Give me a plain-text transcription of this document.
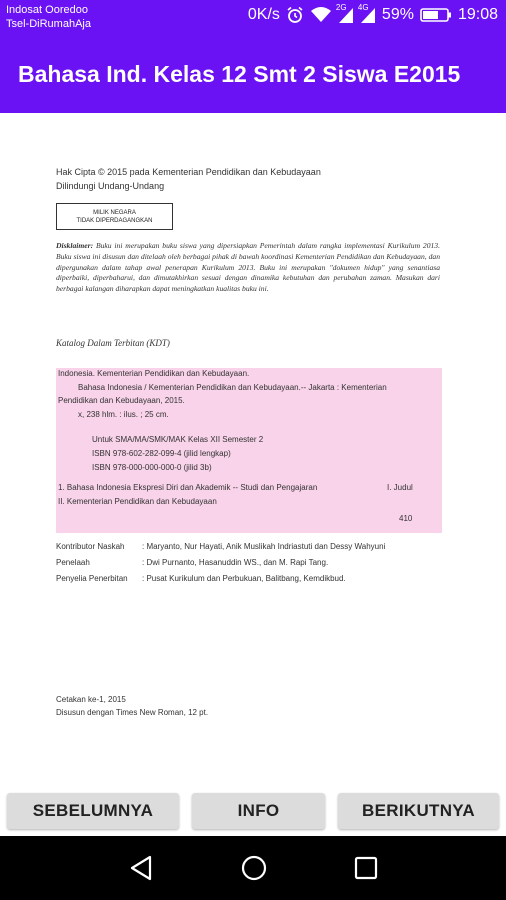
Indosat Ooredoo
Tsel-DiRumahAja
0K/s	2G 4G 59%	19:08
Bahasa Ind. Kelas 12 Smt 2 Siswa E2015
Hak Cipta © 2015 pada Kementerian Pendidikan dan Kebudayaan
Dilindungi Undang-Undang
MILIK NEGARA
TIDAK DIPERDAGANGKAN
Disklaimer: Buku ini merupakan buku siswa yang dipersiapkan Pemerintah dalam rangka implementasi Kurikulum 2013. Buku siswa ini disusun dan ditelaah oleh berbagai pihak di bawah koordinasi Kementerian Pendidikan dan Kebudayaan, dan dipergunakan dalam tahap awal penerapan Kurikulum 2013. Buku ini merupakan "dokumen hidup" yang senantiasa diperbaiki, diperbaharui, dan dimutakhirkan sesuai dengan dinamika kebutuhan dan perubahan zaman. Masukan dari berbagai kalangan diharapkan dapat meningkatkan kualitas buku ini.
Katalog Dalam Terbitan (KDT)
Indonesia. Kementerian Pendidikan dan Kebudayaan.
Bahasa Indonesia / Kementerian Pendidikan dan Kebudayaan.-- Jakarta : Kementerian
Pendidikan dan Kebudayaan, 2015.
x, 238 hlm. : ilus. ; 25 cm.
Untuk SMA/MA/SMK/MAK Kelas XII Semester 2
ISBN 978-602-282-099-4 (jilid lengkap)
ISBN 978-000-000-000-0 (jilid 3b)
1. Bahasa Indonesia Ekspresi Diri dan Akademik -- Studi dan Pengajaran	I. Judul
II. Kementerian Pendidikan dan Kebudayaan
410
Kontributor Naskah	: Maryanto, Nur Hayati, Anik Muslikah Indriastuti dan Dessy Wahyuni
Penelaah	: Dwi Purnanto, Hasanuddin WS., dan M. Rapi Tang.
Penyelia Penerbitan	: Pusat Kurikulum dan Perbukuan, Balitbang, Kemdikbud.
Cetakan ke-1, 2015
Disusun dengan Times New Roman, 12 pt.
SEBELUMNYA	INFO	BERIKUTNYA
